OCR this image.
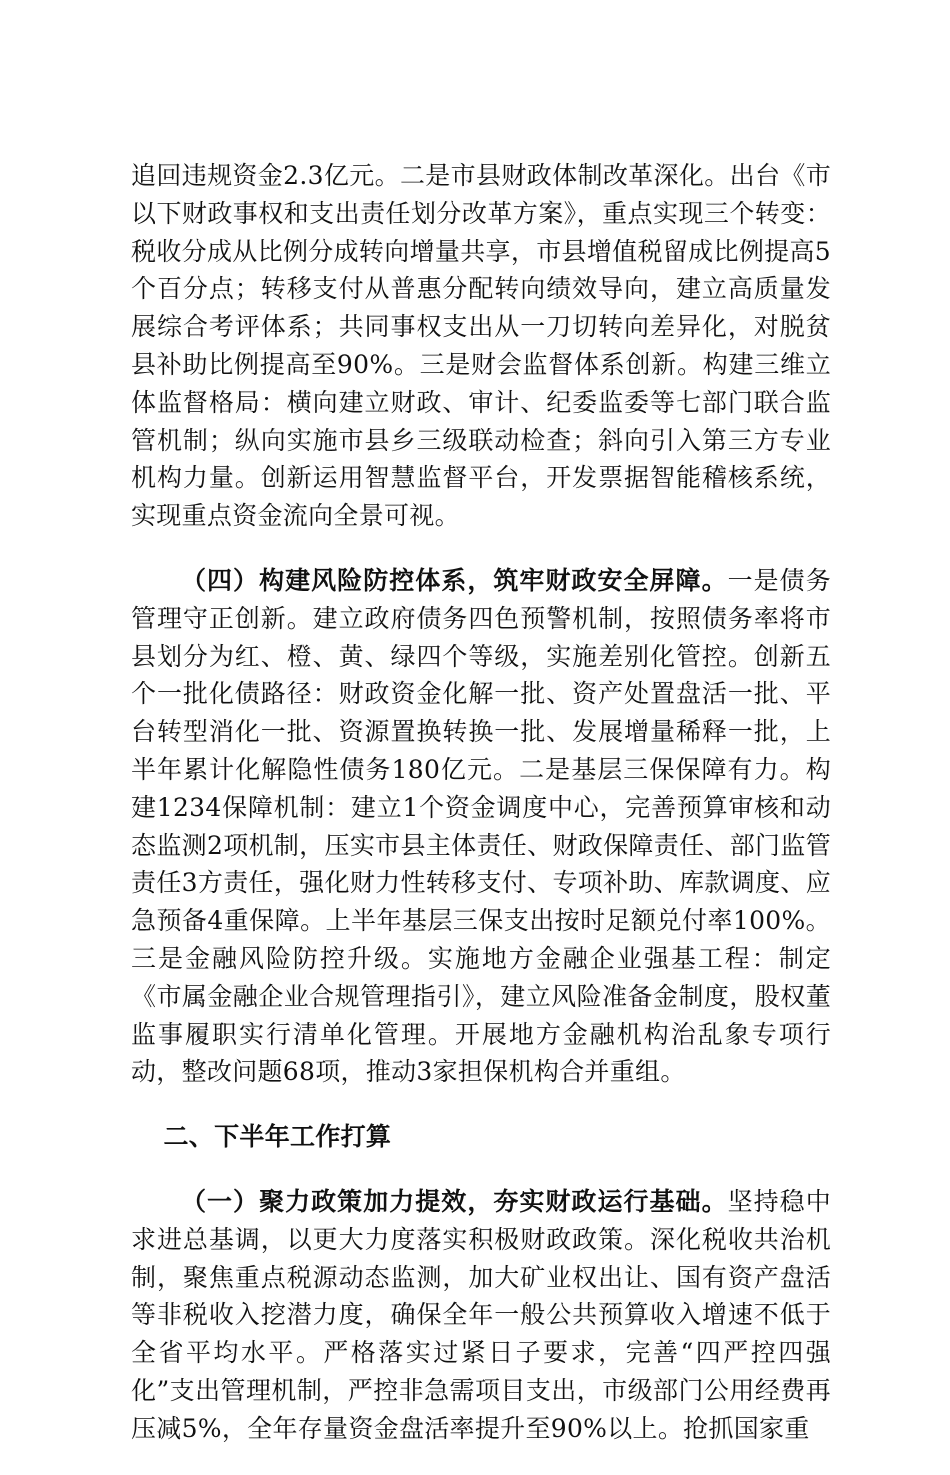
追回违规资金2.3亿元。二是市县财政体制改革深化。出台《市以下财政事权和支出责任划分改革方案》，重点实现三个转变：税收分成从比例分成转向增量共享，市县增值税留成比例提高5个百分点；转移支付从普惠分配转向绩效导向，建立高质量发展综合考评体系；共同事权支出从一刀切转向差异化，对脱贫县补助比例提高至90%。三是财会监督体系创新。构建三维立体监督格局：横向建立财政、审计、纪委监委等七部门联合监管机制；纵向实施市县乡三级联动检查；斜向引入第三方专业机构力量。创新运用智慧监督平台，开发票据智能稽核系统，实现重点资金流向全景可视。

（四）构建风险防控体系，筑牢财政安全屏障。一是债务管理守正创新。建立政府债务四色预警机制，按照债务率将市县划分为红、橙、黄、绿四个等级，实施差别化管控。创新五个一批化债路径：财政资金化解一批、资产处置盘活一批、平台转型消化一批、资源置换转换一批、发展增量稀释一批，上半年累计化解隐性债务180亿元。二是基层三保保障有力。构建1234保障机制：建立1个资金调度中心，完善预算审核和动态监测2项机制，压实市县主体责任、财政保障责任、部门监管责任3方责任，强化财力性转移支付、专项补助、库款调度、应急预备4重保障。上半年基层三保支出按时足额兑付率100%。三是金融风险防控升级。实施地方金融企业强基工程：制定《市属金融企业合规管理指引》，建立风险准备金制度，股权董监事履职实行清单化管理。开展地方金融机构治乱象专项行动，整改问题68项，推动3家担保机构合并重组。

二、下半年工作打算

（一）聚力政策加力提效，夯实财政运行基础。坚持稳中求进总基调，以更大力度落实积极财政政策。深化税收共治机制，聚焦重点税源动态监测，加大矿业权出让、国有资产盘活等非税收入挖潜力度，确保全年一般公共预算收入增速不低于全省平均水平。严格落实过紧日子要求，完善“四严控四强化”支出管理机制，严控非急需项目支出，市级部门公用经费再压减5%，全年存量资金盘活率提升至90%以上。抢抓国家重
